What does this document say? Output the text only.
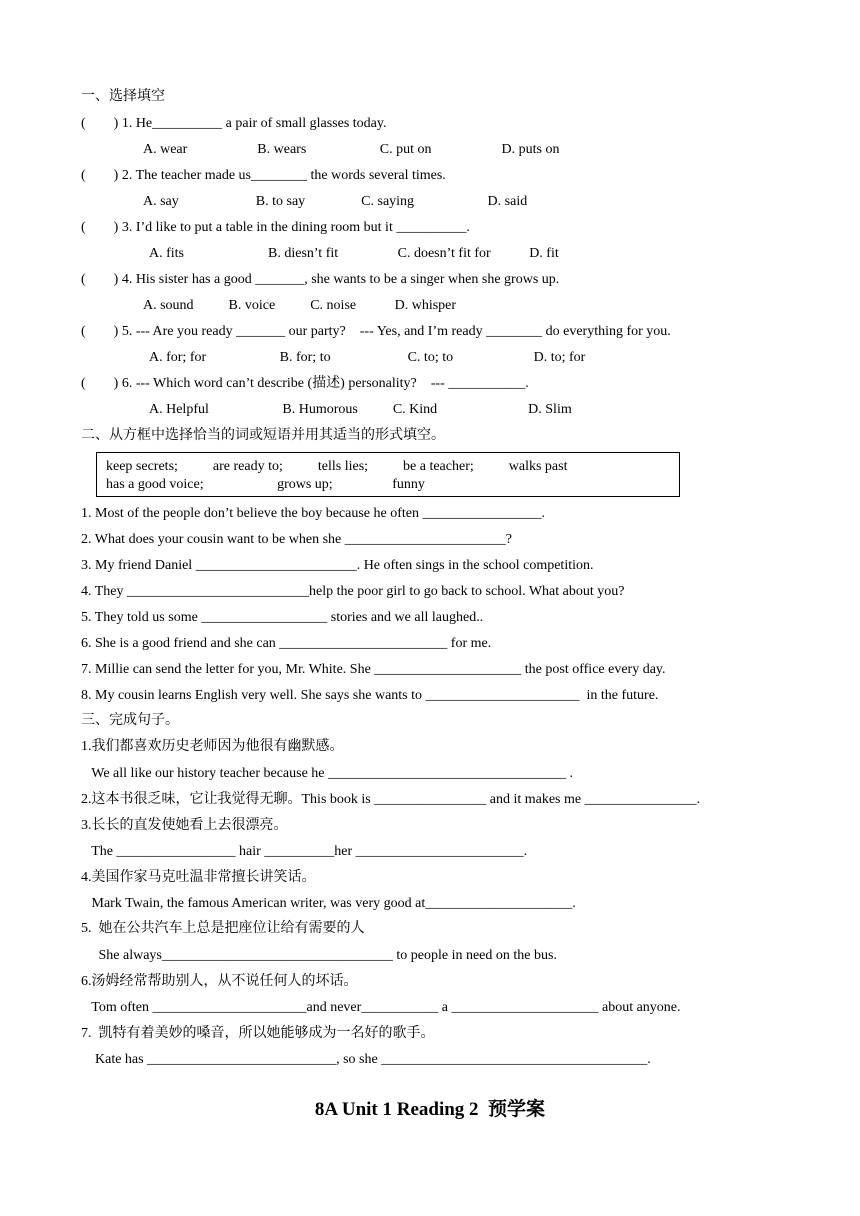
一、选择填空
(        ) 1. He__________ a pair of small glasses today.
A. wear                    B. wears                     C. put on                    D. puts on
(        ) 2. The teacher made us________ the words several times.
A. say                      B. to say                C. saying                     D. said
(        ) 3. I’d like to put a table in the dining room but it __________.
A. fits                        B. diesn’t fit                 C. doesn’t fit for           D. fit
(        ) 4. His sister has a good _______, she wants to be a singer when she grows up.
A. sound          B. voice          C. noise           D. whisper
(        ) 5. --- Are you ready _______ our party?    --- Yes, and I’m ready ________ do everything for you.
A. for; for                     B. for; to                      C. to; to                       D. to; for
(        ) 6. --- Which word can’t describe (描述) personality?    --- ___________.
A. Helpful                     B. Humorous          C. Kind                          D. Slim
二、从方框中选择恰当的词或短语并用其适当的形式填空。
keep secrets;          are ready to;          tells lies;          be a teacher;          walks past
has a good voice;                     grows up;                 funny
1. Most of the people don’t believe the boy because he often _________________.
2. What does your cousin want to be when she _______________________?
3. My friend Daniel _______________________. He often sings in the school competition.
4. They __________________________help the poor girl to go back to school. What about you?
5. They told us some __________________ stories and we all laughed..
6. She is a good friend and she can ________________________ for me.
7. Millie can send the letter for you, Mr. White. She _____________________ the post office every day.
8. My cousin learns English very well. She says she wants to ______________________  in the future.
三、完成句子。
1.我们都喜欢历史老师因为他很有幽默感。
We all like our history teacher because he __________________________________ .
2.这本书很乏味，它让我觉得无聊。This book is ________________ and it makes me ________________.
3.长长的直发使她看上去很漂亮。
The _________________ hair __________her ________________________.
4.美国作家马克吐温非常擅长讲笑话。
Mark Twain, the famous American writer, was very good at_____________________.
5.  她在公共汽车上总是把座位让给有需要的人
She always_________________________________ to people in need on the bus.
6.汤姆经常帮助别人，从不说任何人的坏话。
Tom often ______________________and never___________ a _____________________ about anyone.
7.  凯特有着美妙的嗓音，所以她能够成为一名好的歌手。
Kate has ___________________________, so she ______________________________________.
8A Unit 1 Reading 2  预学案
